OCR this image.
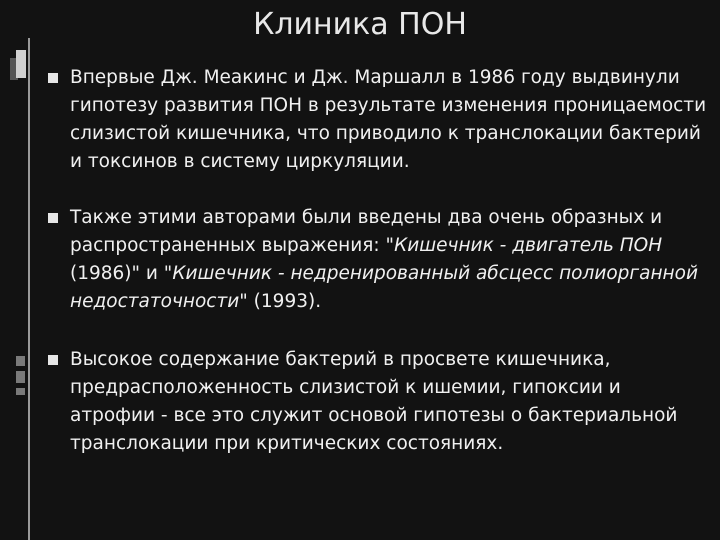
Клиника ПОН
Впервые Дж. Меакинс и Дж. Маршалл в 1986 году выдвинули гипотезу развития ПОН в результате изменения проницаемости слизистой кишечника, что приводило к транслокации бактерий и токсинов в систему циркуляции.
Также этими авторами были введены два очень образных и распространенных выражения: "Кишечник - двигатель ПОН (1986)" и "Кишечник - недренированный абсцесс полиорганной недостаточности" (1993).
Высокое содержание бактерий в просвете кишечника, предрасположенность слизистой к ишемии, гипоксии и атрофии - все это служит основой гипотезы о бактериальной транслокации при критических состояниях.
